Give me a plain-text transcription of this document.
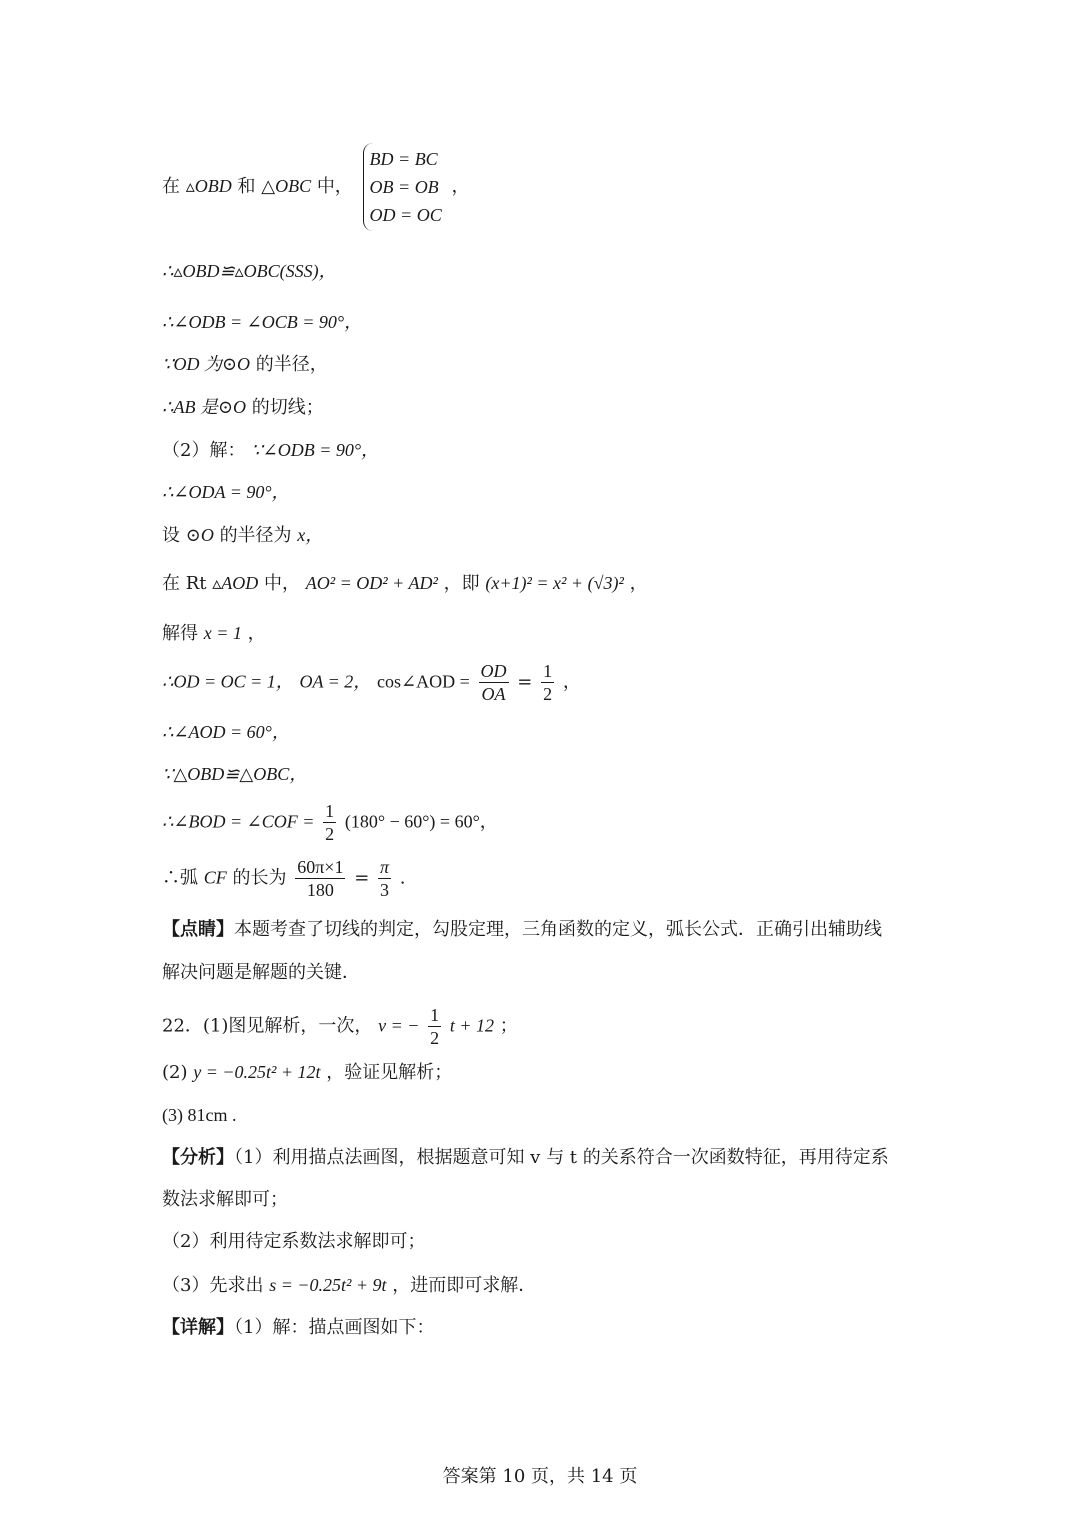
在 ▵OBD 和 △OBC 中，
BD = BC
OB = OB
OD = OC
，
∴▵OBD≌▵OBC(SSS)，
∴∠ODB = ∠OCB = 90°，
∵OD 为⊙O 的半径，
∴AB 是⊙O 的切线；
（2）解： ∵∠ODB = 90°，
∴∠ODA = 90°，
设 ⊙O 的半径为 x，
在 Rt ▵AOD 中， AO² = OD² + AD² ，即 (x+1)² = x² + (√3)² ，
解得 x = 1 ，
∴OD = OC = 1， OA = 2， cos∠AOD = $\frac{OD}{OA} = \frac{1}{2}$ ，
∴∠AOD = 60°，
∵△OBD≌△OBC，
∴∠BOD = ∠COF = $\frac{1}{2} (180^\circ - 60^\circ) = 60^\circ$，
∴弧 CF 的长为 $\frac{60\pi\times 1}{180} = \frac{\pi}{3}$ .
【点睛】本题考查了切线的判定，勾股定理，三角函数的定义，弧长公式．正确引出辅助线
解决问题是解题的关键．
22．(1)图见解析，一次， v = − $\frac{1}{2}$ t + 12 ；
(2) y = −0.25t² + 12t ，验证见解析；
(3) 81cm .
【分析】（1）利用描点法画图，根据题意可知 v 与 t 的关系符合一次函数特征，再用待定系
数法求解即可；
（2）利用待定系数法求解即可；
（3）先求出 s = −0.25t² + 9t ，进而即可求解．
【详解】（1）解：描点画图如下：
答案第 10 页，共 14 页
